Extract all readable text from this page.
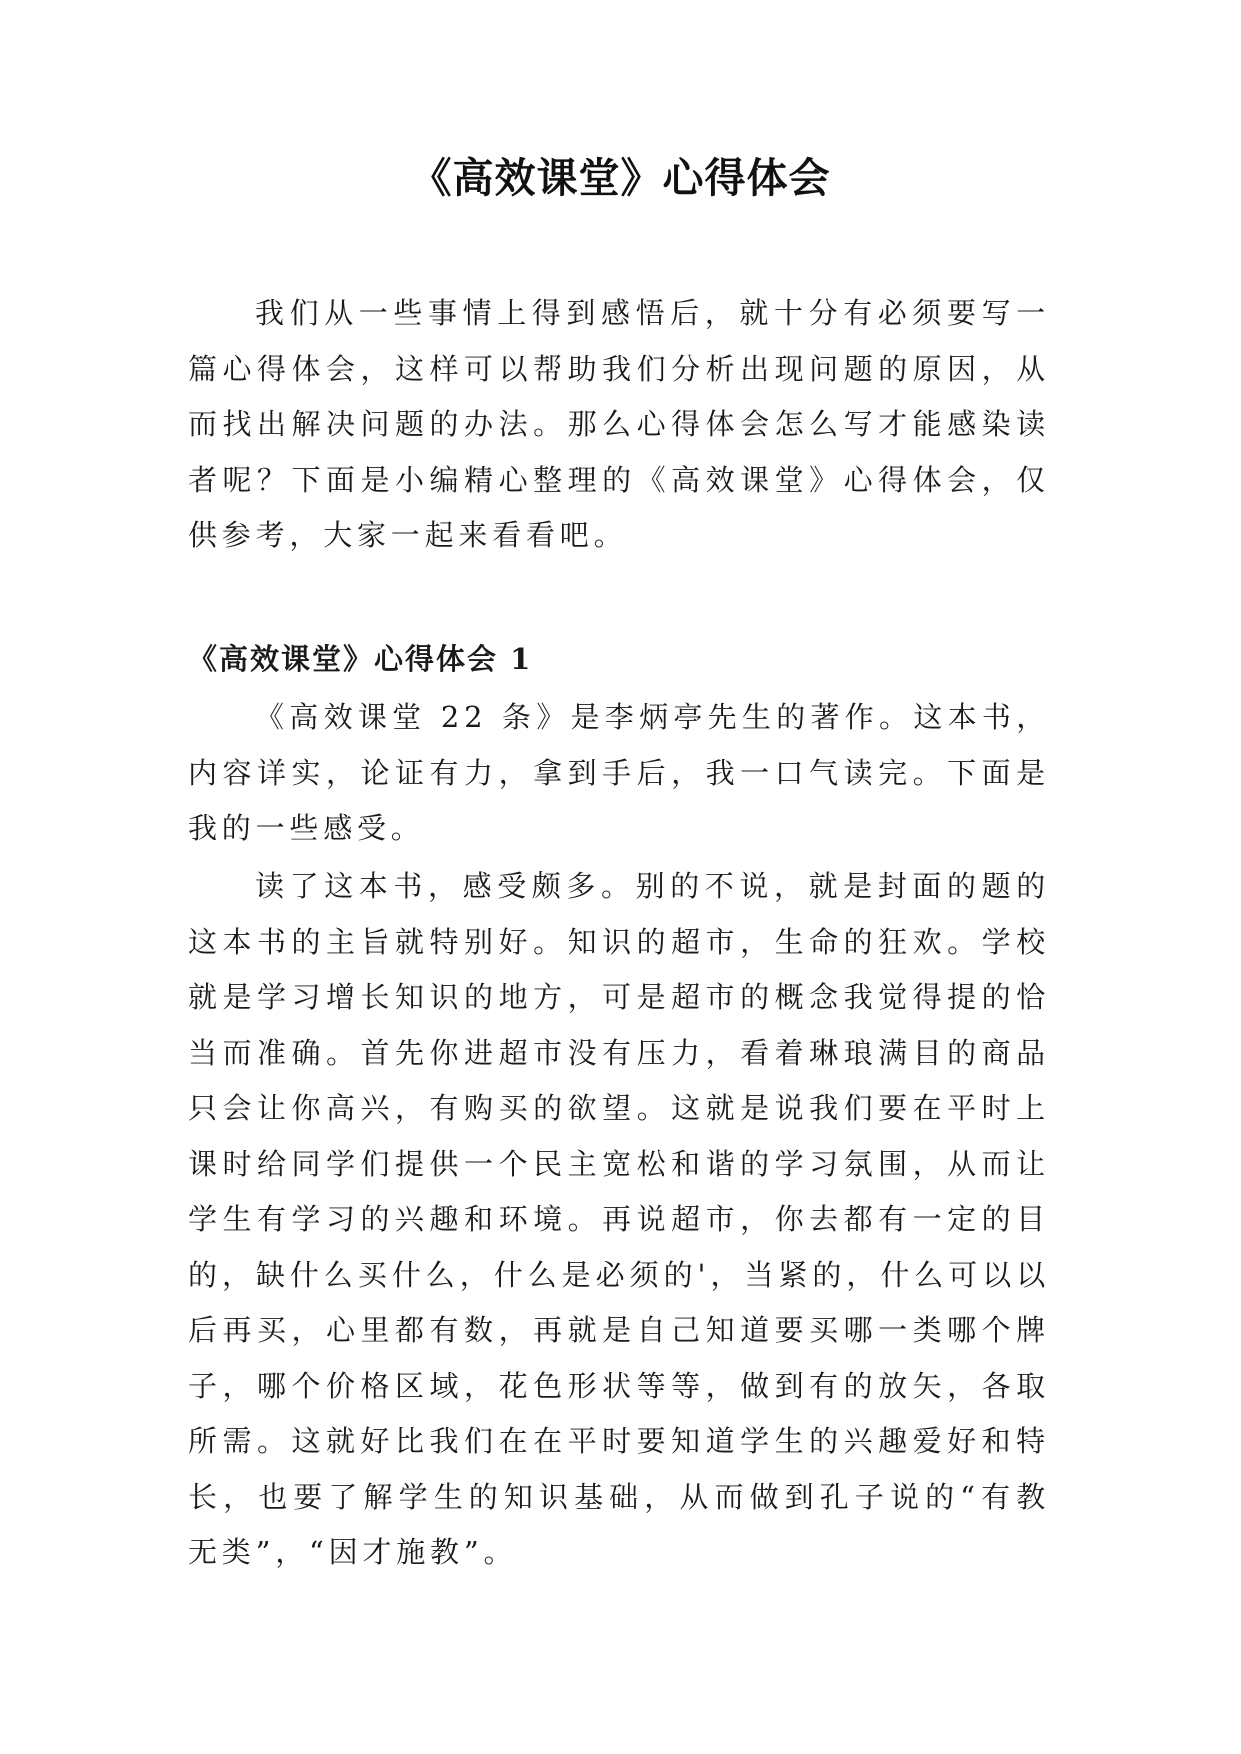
《高效课堂》心得体会

我们从一些事情上得到感悟后，就十分有必须要写一篇心得体会，这样可以帮助我们分析出现问题的原因，从而找出解决问题的办法。那么心得体会怎么写才能感染读者呢？下面是小编精心整理的《高效课堂》心得体会，仅供参考，大家一起来看看吧。

《高效课堂》心得体会 1

《高效课堂 22 条》是李炳亭先生的著作。这本书，内容详实，论证有力，拿到手后，我一口气读完。下面是我的一些感受。

读了这本书，感受颇多。别的不说，就是封面的题的这本书的主旨就特别好。知识的超市，生命的狂欢。学校就是学习增长知识的地方，可是超市的概念我觉得提的恰当而准确。首先你进超市没有压力，看着琳琅满目的商品只会让你高兴，有购买的欲望。这就是说我们要在平时上课时给同学们提供一个民主宽松和谐的学习氛围，从而让学生有学习的兴趣和环境。再说超市，你去都有一定的目的，缺什么买什么，什么是必须的'，当紧的，什么可以以后再买，心里都有数，再就是自己知道要买哪一类哪个牌子，哪个价格区域，花色形状等等，做到有的放矢，各取所需。这就好比我们在在平时要知道学生的兴趣爱好和特长，也要了解学生的知识基础，从而做到孔子说的“有教无类”，“因才施教”。
